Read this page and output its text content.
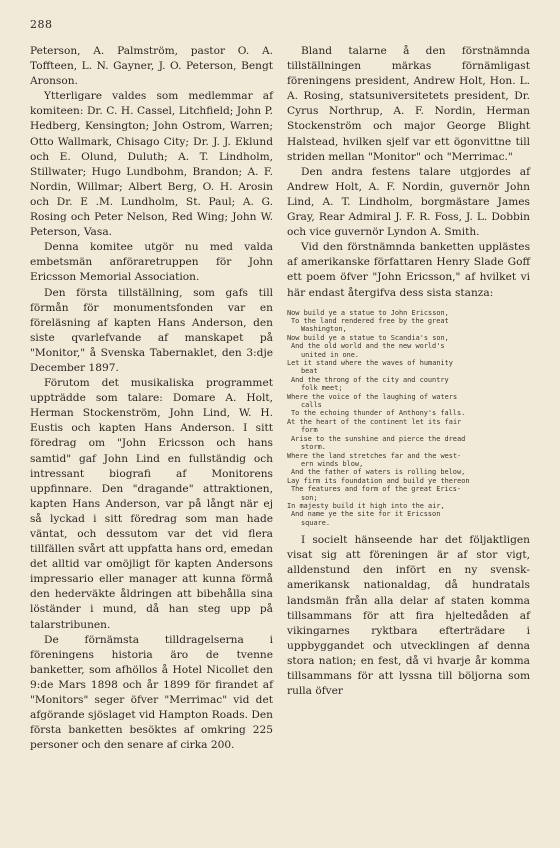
288

Peterson, A. Palmström, pastor O. A. Toffteen, L. N. Gayner, J. O. Peterson, Bengt Aronson.

Ytterligare valdes som medlemmar af komiteen: Dr. C. H. Cassel, Litchfield; John P. Hedberg, Kensington; John Ostrom, Warren; Otto Wallmark, Chisago City; Dr. J. J. Eklund och E. Olund, Duluth; A. T. Lindholm, Stillwater; Hugo Lundbohm, Brandon; A. F. Nordin, Willmar; Albert Berg, O. H. Arosin och Dr. E .M. Lundholm, St. Paul; A. G. Rosing och Peter Nelson, Red Wing; John W. Peterson, Vasa.

Denna komitee utgör nu med valda embetsmän anföraretruppen för John Ericsson Memorial Association.

Den första tillställning, som gafs till förmån för monumentsfonden var en föreläsning af kapten Hans Anderson, den siste qvarlefvande af manskapet på "Monitor," å Svenska Tabernaklet, den 3:dje December 1897.

Förutom det musikaliska programmet uppträdde som talare: Domare A. Holt, Herman Stockenström, John Lind, W. H. Eustis och kapten Hans Anderson. I sitt föredrag om "John Ericsson och hans samtid" gaf John Lind en fullständig och intressant biografi af Monitorens uppfinnare. Den "dragande" attraktionen, kapten Hans Anderson, var på långt när ej så lyckad i sitt föredrag som man hade väntat, och dessutom var det vid flera tillfällen svårt att uppfatta hans ord, emedan det alltid var omöjligt för kapten Andersons impressario eller manager att kunna förmå den hederväkte åldringen att bibehålla sina löständer i mund, då han steg upp på talarstribunen.

De förnämsta tilldragelserna i föreningens historia äro de tvenne banketter, som afhöllos å Hotel Nicollet den 9:de Mars 1898 och år 1899 för firandet af "Monitors" seger öfver "Merrimac" vid det afgörande sjöslaget vid Hampton Roads. Den första banketten besöktes af omkring 225 personer och den senare af cirka 200.

Bland talarne å den förstnämnda tillställningen märkas förnämligast föreningens president, Andrew Holt, Hon. L. A. Rosing, statsuniversitetets president, Dr. Cyrus Northrup, A. F. Nordin, Herman Stockenström och major George Blight Halstead, hvilken sjelf var ett ögonvittne till striden mellan "Monitor" och "Merrimac."

Den andra festens talare utgjordes af Andrew Holt, A. F. Nordin, guvernör John Lind, A. T. Lindholm, borgmästare James Gray, Rear Admiral J. F. R. Foss, J. L. Dobbin och vice guvernör Lyndon A. Smith.

Vid den förstnämnda banketten upplästes af amerikanske författaren Henry Slade Goff ett poem öfver "John Ericsson," af hvilket vi här endast återgifva dess sista stanza:

Now build ye a statue to John Ericsson,
To the land rendered free by the great
Washington,
Now build ye a statue to Scandia's son,
And the old world and the new world's
united in one.
Let it stand where the waves of humanity
beat
And the throng of the city and country
folk meet;
Where the voice of the laughing of waters
calls
To the echoing thunder of Anthony's falls.
At the heart of the continent let its fair
form
Arise to the sunshine and pierce the dread
storm.
Where the land stretches far and the west-
ern winds blow,
And the father of waters is rolling below,
Lay firm its foundation and build ye thereon
The features and form of the great Erics-
son;
In majesty build it high into the air,
And name ye the site for it Ericsson
square.

I socielt hänseende har det följaktligen visat sig att föreningen är af stor vigt, alldenstund den infört en ny svensk-amerikansk nationaldag, då hundratals landsmän från alla delar af staten komma tillsammans för att fira hjeltedåden af vikingarnes ryktbara efterträdare i uppbyggandet och utvecklingen af denna stora nation; en fest, då vi hvarje år komma tillsammans för att lyssna till böljorna som rulla öfver
